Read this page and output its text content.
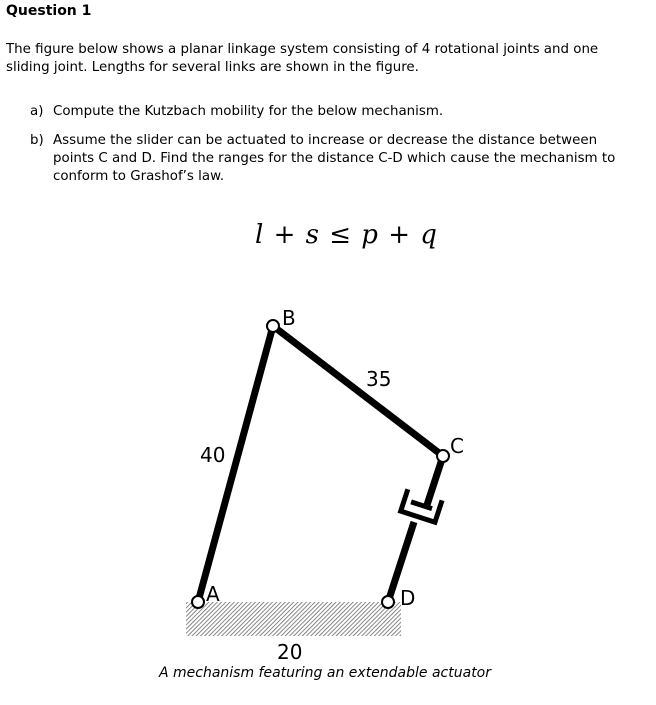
Question 1

The figure below shows a planar linkage system consisting of 4 rotational joints and one sliding joint. Lengths for several links are shown in the figure.

a) Compute the Kutzbach mobility for the below mechanism.
b) Assume the slider can be actuated to increase or decrease the distance between points C and D. Find the ranges for the distance C-D which cause the mechanism to conform to Grashof’s law.
l + s ≤ p + q
B
C
A	D
40
35
20

A mechanism featuring an extendable actuator
